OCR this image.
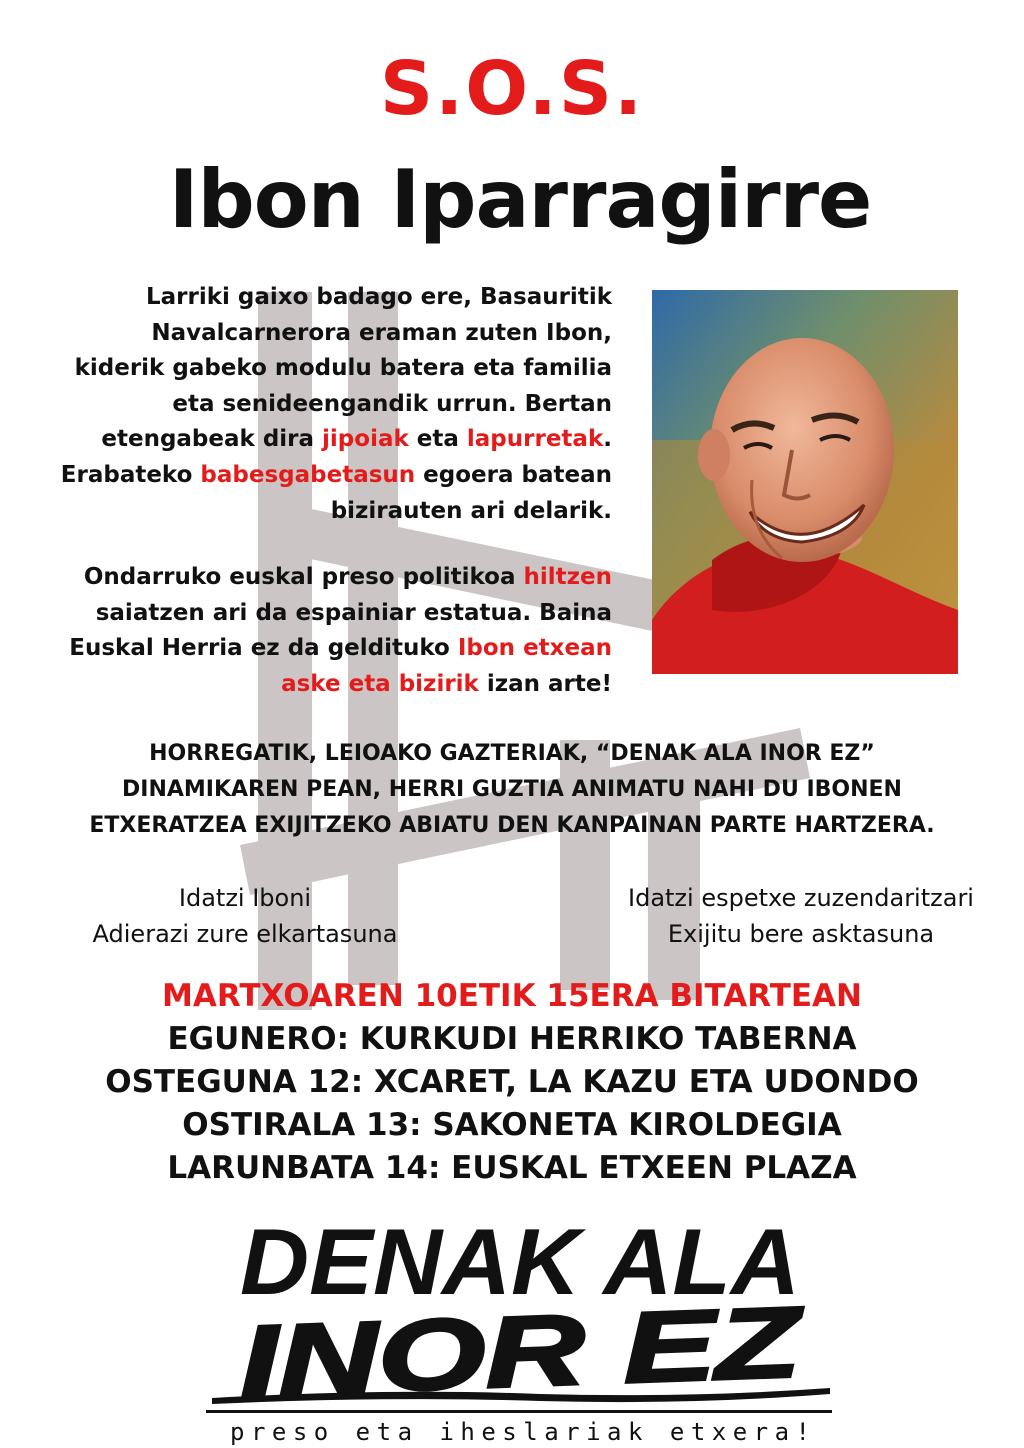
S.O.S.
Ibon Iparragirre
Larriki gaixo badago ere, Basauritik
Navalcarnerora eraman zuten Ibon,
kiderik gabeko modulu batera eta familia
eta senideengandik urrun. Bertan
etengabeak dira jipoiak eta lapurretak.
Erabateko babesgabetasun egoera batean
bizirauten ari delarik.
Ondarruko euskal preso politikoa hiltzen
saiatzen ari da espainiar estatua. Baina
Euskal Herria ez da geldituko Ibon etxean
aske eta bizirik izan arte!
HORREGATIK, LEIOAKO GAZTERIAK, “DENAK ALA INOR EZ”
DINAMIKAREN PEAN, HERRI GUZTIA ANIMATU NAHI DU IBONEN
ETXERATZEA EXIJITZEKO ABIATU DEN KANPAINAN PARTE HARTZERA.
Idatzi Iboni
Adierazi zure elkartasuna
Idatzi espetxe zuzendaritzari
Exijitu bere asktasuna
MARTXOAREN 10ETIK 15ERA BITARTEAN
EGUNERO: KURKUDI HERRIKO TABERNA
OSTEGUNA 12: XCARET, LA KAZU ETA UDONDO
OSTIRALA 13: SAKONETA KIROLDEGIA
LARUNBATA 14: EUSKAL ETXEEN PLAZA
DENAK ALA
INOR EZ
preso eta iheslariak etxera!
